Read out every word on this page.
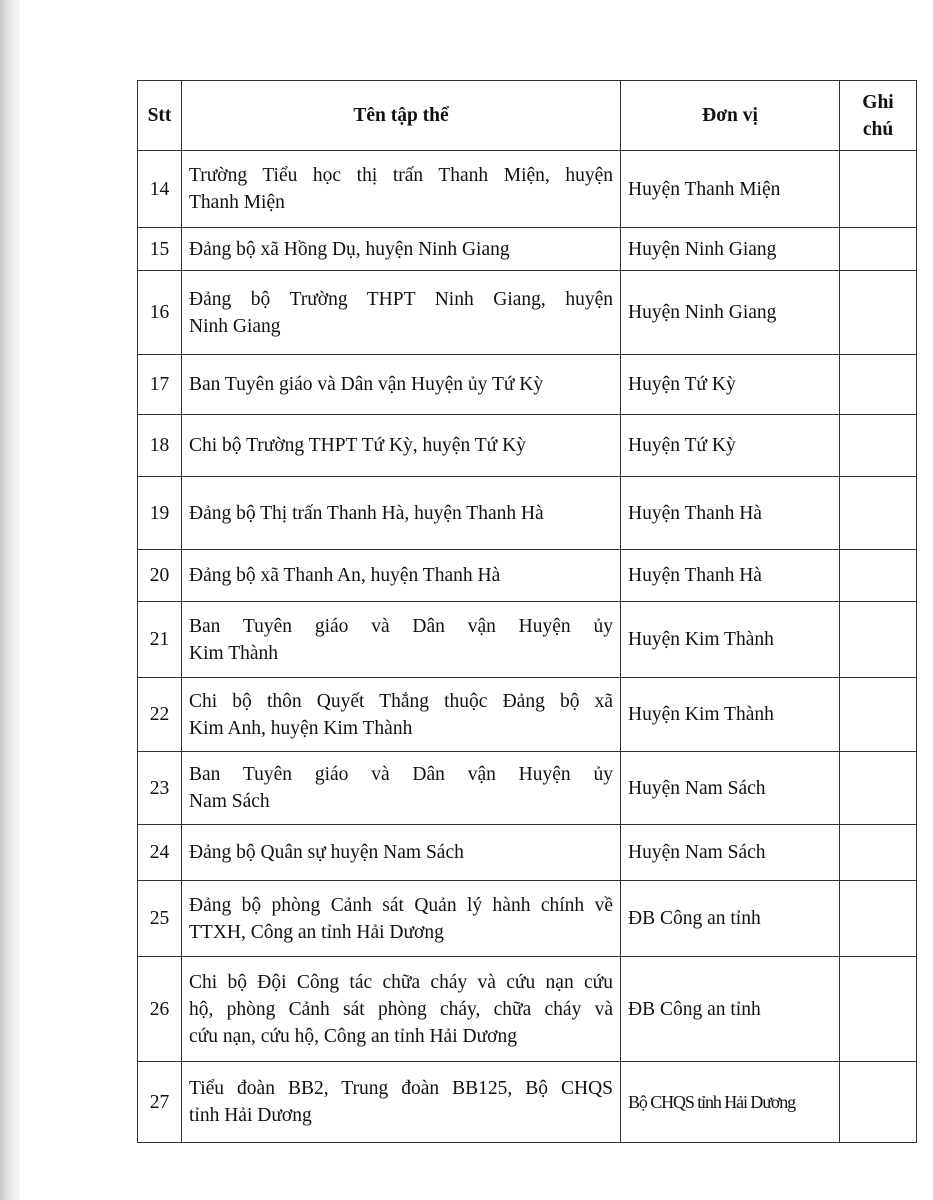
Stt	Tên tập thể	Đơn vị	Ghi
chú
14	Trường Tiểu học thị trấn Thanh Miện, huyện
Thanh Miện	Huyện Thanh Miện	
15	Đảng bộ xã Hồng Dụ, huyện Ninh Giang	Huyện Ninh Giang	
16	Đảng bộ Trường THPT Ninh Giang, huyện
Ninh Giang	Huyện Ninh Giang	
17	Ban Tuyên giáo và Dân vận Huyện ủy Tứ Kỳ	Huyện Tứ Kỳ	
18	Chi bộ Trường THPT Tứ Kỳ, huyện Tứ Kỳ	Huyện Tứ Kỳ	
19	Đảng bộ Thị trấn Thanh Hà, huyện Thanh Hà	Huyện Thanh Hà	
20	Đảng bộ xã Thanh An, huyện Thanh Hà	Huyện Thanh Hà	
21	Ban Tuyên giáo và Dân vận Huyện ủy
Kim Thành	Huyện Kim Thành	
22	Chi bộ thôn Quyết Thắng thuộc Đảng bộ xã
Kim Anh, huyện Kim Thành	Huyện Kim Thành	
23	Ban Tuyên giáo và Dân vận Huyện ủy
Nam Sách	Huyện Nam Sách	
24	Đảng bộ Quân sự huyện Nam Sách	Huyện Nam Sách	
25	Đảng bộ phòng Cảnh sát Quản lý hành chính về
TTXH, Công an tỉnh Hải Dương	ĐB Công an tỉnh	
26	Chi bộ Đội Công tác chữa cháy và cứu nạn cứu
hộ, phòng Cảnh sát phòng cháy, chữa cháy và
cứu nạn, cứu hộ, Công an tỉnh Hải Dương	ĐB Công an tỉnh	
27	Tiểu đoàn BB2, Trung đoàn BB125, Bộ CHQS
tỉnh Hải Dương	Bộ CHQS tỉnh Hải Dương	
